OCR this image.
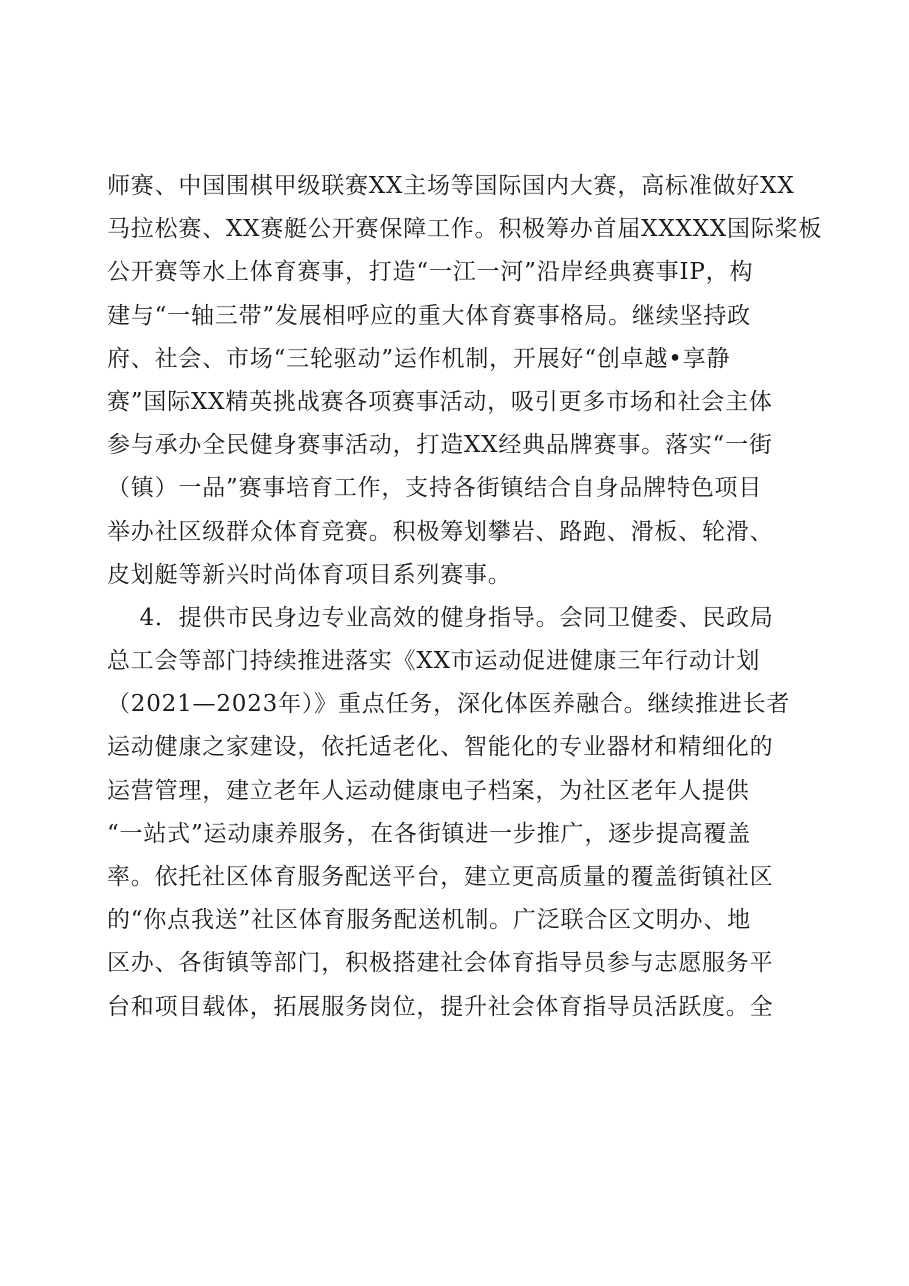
师赛、中国围棋甲级联赛XX主场等国际国内大赛，高标准做好XX
马拉松赛、XX赛艇公开赛保障工作。积极筹办首届XXXXX国际桨板
公开赛等水上体育赛事，打造“一江一河”沿岸经典赛事IP，构
建与“一轴三带”发展相呼应的重大体育赛事格局。继续坚持政
府、社会、市场“三轮驱动”运作机制，开展好“创卓越•享静
赛”国际XX精英挑战赛各项赛事活动，吸引更多市场和社会主体
参与承办全民健身赛事活动，打造XX经典品牌赛事。落实“一街
（镇）一品”赛事培育工作，支持各街镇结合自身品牌特色项目
举办社区级群众体育竞赛。积极筹划攀岩、路跑、滑板、轮滑、
皮划艇等新兴时尚体育项目系列赛事。
4．提供市民身边专业高效的健身指导。会同卫健委、民政局
总工会等部门持续推进落实《XX市运动促进健康三年行动计划
（2021—2023年）》重点任务，深化体医养融合。继续推进长者
运动健康之家建设，依托适老化、智能化的专业器材和精细化的
运营管理，建立老年人运动健康电子档案，为社区老年人提供
“一站式”运动康养服务，在各街镇进一步推广，逐步提高覆盖
率。依托社区体育服务配送平台，建立更高质量的覆盖街镇社区
的“你点我送”社区体育服务配送机制。广泛联合区文明办、地
区办、各街镇等部门，积极搭建社会体育指导员参与志愿服务平
台和项目载体，拓展服务岗位，提升社会体育指导员活跃度。全
